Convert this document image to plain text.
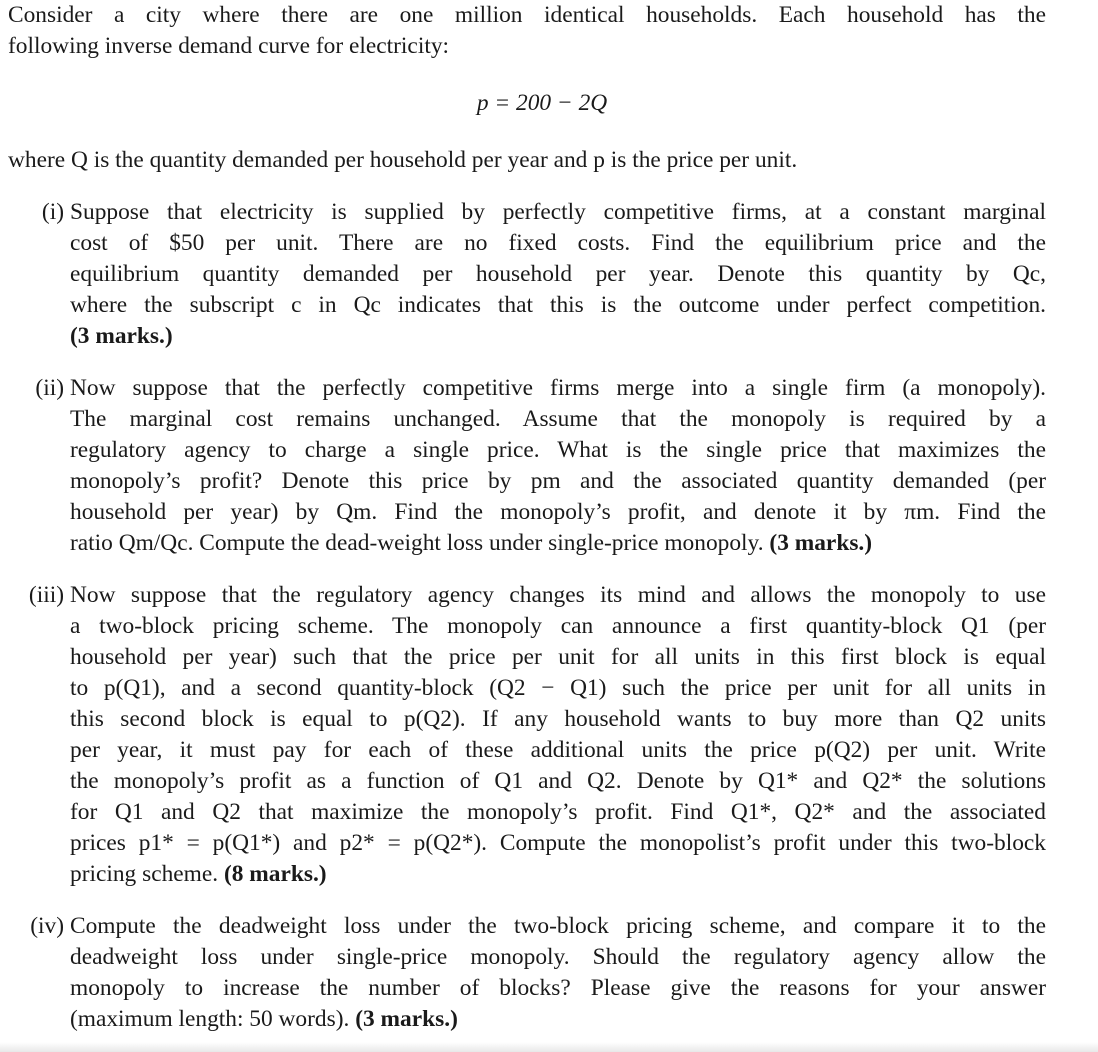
Consider a city where there are one million identical households. Each household has the
following inverse demand curve for electricity:
p = 200 − 2Q
where Q is the quantity demanded per household per year and p is the price per unit.
(i) Suppose that electricity is supplied by perfectly competitive firms, at a constant marginal
cost of $50 per unit. There are no fixed costs. Find the equilibrium price and the
equilibrium quantity demanded per household per year. Denote this quantity by Qc,
where the subscript c in Qc indicates that this is the outcome under perfect competition.
(3 marks.)
(ii) Now suppose that the perfectly competitive firms merge into a single firm (a monopoly).
The marginal cost remains unchanged. Assume that the monopoly is required by a
regulatory agency to charge a single price. What is the single price that maximizes the
monopoly’s profit? Denote this price by pm and the associated quantity demanded (per
household per year) by Qm. Find the monopoly’s profit, and denote it by πm. Find the
ratio Qm/Qc. Compute the dead-weight loss under single-price monopoly. (3 marks.)
(iii) Now suppose that the regulatory agency changes its mind and allows the monopoly to use
a two-block pricing scheme. The monopoly can announce a first quantity-block Q1 (per
household per year) such that the price per unit for all units in this first block is equal
to p(Q1), and a second quantity-block (Q2 − Q1) such the price per unit for all units in
this second block is equal to p(Q2). If any household wants to buy more than Q2 units
per year, it must pay for each of these additional units the price p(Q2) per unit. Write
the monopoly’s profit as a function of Q1 and Q2. Denote by Q1* and Q2* the solutions
for Q1 and Q2 that maximize the monopoly’s profit. Find Q1*, Q2* and the associated
prices p1* = p(Q1*) and p2* = p(Q2*). Compute the monopolist’s profit under this two-block
pricing scheme. (8 marks.)
(iv) Compute the deadweight loss under the two-block pricing scheme, and compare it to the
deadweight loss under single-price monopoly. Should the regulatory agency allow the
monopoly to increase the number of blocks? Please give the reasons for your answer
(maximum length: 50 words). (3 marks.)
